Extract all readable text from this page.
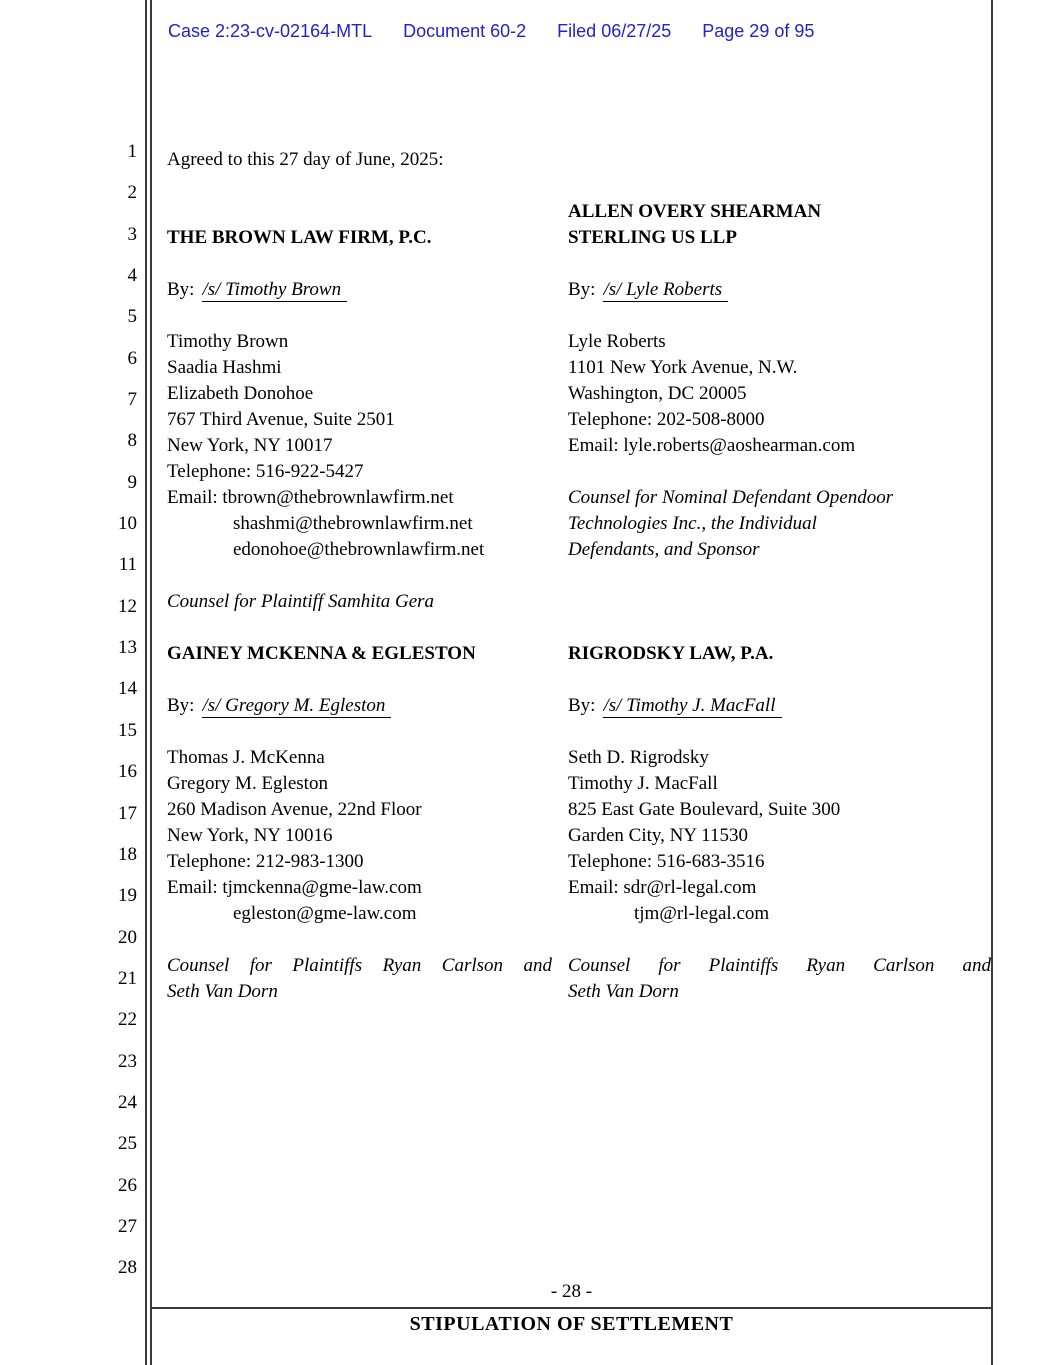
Case 2:23-cv-02164-MTL Document 60-2 Filed 06/27/25 Page 29 of 95
1
2
3
4
5
6
7
8
9
10
11
12
13
14
15
16
17
18
19
20
21
22
23
24
25
26
27
28
Agreed to this 27 day of June, 2025:
THE BROWN LAW FIRM, P.C.
ALLEN OVERY SHEARMAN
STERLING US LLP
By: /s/ Timothy Brown	By: /s/ Lyle Roberts
Timothy Brown
Saadia Hashmi
Elizabeth Donohoe
767 Third Avenue, Suite 2501
New York, NY 10017
Telephone: 516-922-5427
Email: tbrown@thebrownlawfirm.net
shashmi@thebrownlawfirm.net
edonohoe@thebrownlawfirm.net
Lyle Roberts
1101 New York Avenue, N.W.
Washington, DC 20005
Telephone: 202-508-8000
Email: lyle.roberts@aoshearman.com
Counsel for Nominal Defendant Opendoor
Technologies Inc., the Individual
Defendants, and Sponsor
Counsel for Plaintiff Samhita Gera
GAINEY MCKENNA & EGLESTON	RIGRODSKY LAW, P.A.
By: /s/ Gregory M. Egleston	By: /s/ Timothy J. MacFall
Thomas J. McKenna
Gregory M. Egleston
260 Madison Avenue, 22nd Floor
New York, NY 10016
Telephone: 212-983-1300
Email: tjmckenna@gme-law.com
egleston@gme-law.com
Seth D. Rigrodsky
Timothy J. MacFall
825 East Gate Boulevard, Suite 300
Garden City, NY 11530
Telephone: 516-683-3516
Email: sdr@rl-legal.com
tjm@rl-legal.com
Counsel for Plaintiffs Ryan Carlson and
Seth Van Dorn
Counsel for Plaintiffs Ryan Carlson and
Seth Van Dorn
- 28 -
STIPULATION OF SETTLEMENT
